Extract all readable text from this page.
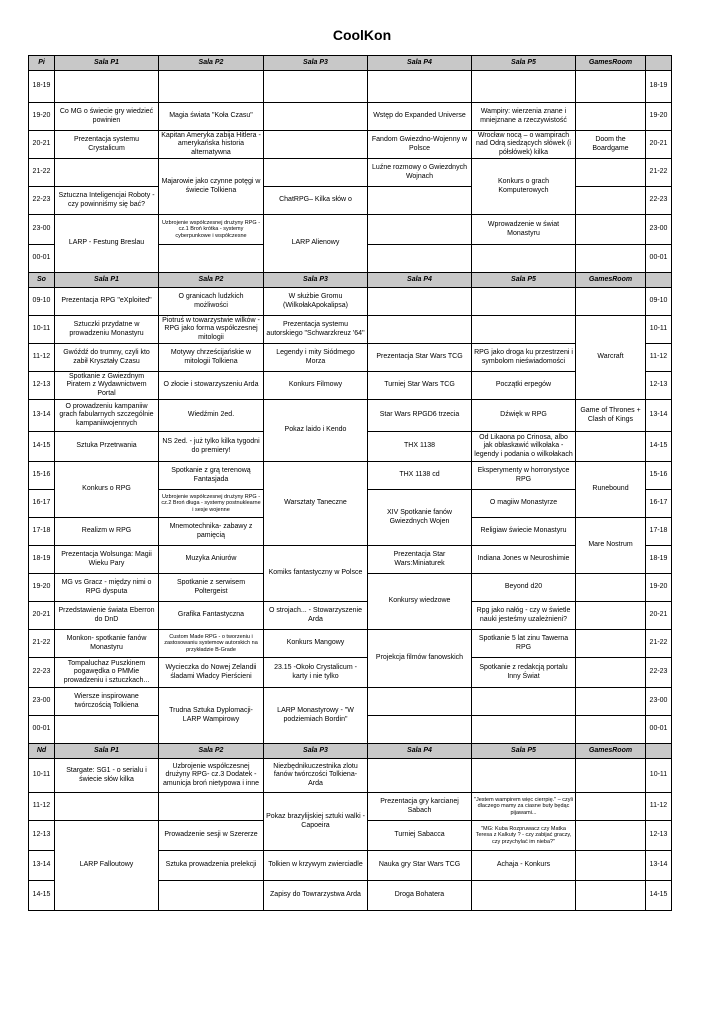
CoolKon
Pi	Sala P1	Sala P2	Sala P3	Sala P4	Sala P5	GamesRoom	
18-19							18-19
19-20	Co MG o świecie gry wiedzieć powinien	Magia świata "Koła Czasu"		Wstęp do Expanded Universe	Wampiry: wierzenia znane i mniejznane a rzeczywistość		19-20
20-21	Prezentacja systemu Crystalicum	Kapitan Ameryka zabija Hitlera - amerykańska historia alternatywna		Fandom Gwiezdno-Wojenny w Polsce	Wrocław nocą – o wampirach nad Odrą siedzących słówek (i półsłówek) kilka	Doom the Boardgame	20-21
21-22		Majarowie jako czynne potęgi w świecie Tolkiena		Luźne rozmowy o Gwiezdnych Wojnach	Konkurs o grach Komputerowych		21-22
22-23	Sztuczna Inteligencjai Roboty - czy powinniśmy się bać?		ChatRPG– Kilka słów o				22-23
23-00	LARP - Festung Breslau	Uzbrojenie współczesnej drużyny RPG - cz.1 Broń krótka - systemy cyberpunkowe i współczesne	LARP Alienowy		Wprowadzenie w świat Monastyru		23-00
00-01							00-01
So	Sala P1	Sala P2	Sala P3	Sala P4	Sala P5	GamesRoom	
09-10	Prezentacja RPG "eXploited"	O granicach ludzkich możliwości	W służbie Gromu (WilkołakApokalipsa)				09-10
10-11	Sztuczki przydatne w prowadzeniu Monastyru	Piotruś w towarzystwie wilków - RPG jako forma współczesnej mitologii	Prezentacja systemu autorskiego "Schwarzkreuz '64"			Warcraft	10-11
11-12	Gwóźdź do trumny, czyli kto zabił Kryształy Czasu	Motywy chrześcijańskie w mitologii Tolkiena	Legendy i mity Siódmego Morza	Prezentacja Star Wars TCG	RPG jako droga ku przestrzeni i symbolom nieświadomości		11-12
12-13	Spotkanie z Gwiezdnym Piratem z Wydawnictwem Portal	O złocie i stowarzyszeniu Arda	Konkurs Filmowy	Turniej Star Wars TCG	Początki erpegów		12-13
13-14	O prowadzeniu kampaniiw grach fabularnych szczególnie kampaniiwojennych	Wiedźmin 2ed.	Pokaz laido i Kendo	Star Wars RPGD6 trzecia	Dźwięk w RPG	Game of Thrones + Clash of Kings	13-14
14-15	Sztuka Przetrwania	NS 2ed. - już tylko kilka tygodni do premiery!		THX 1138	Od Likaona po Crinosa, albo jak obłaskawić wilkołaka - legendy i podania o wilkołakach		14-15
15-16	Konkurs o RPG	Spotkanie z grą terenową Fantasjada	Warsztaty Taneczne	THX 1138 cd	Eksperymenty w horrorystyce RPG	Runebound	15-16
16-17		Uzbrojenie współczesnej drużyny RPG - cz.2 Broń długa - systemy postnuklearne i sesje wojenne		XIV Spotkanie fanów Gwiezdnych Wojen	O magiiw Monastyrze		16-17
17-18	Realizm w RPG	Mnemotechnika- zabawy z pamięcią			Religiaw świecie Monastyru	Mare Nostrum	17-18
18-19	Prezentacja Wolsunga: Magii Wieku Pary	Muzyka Aniurów	Komiks fantastyczny w Polsce	Prezentacja Star Wars:Miniaturek	Indiana Jones w Neuroshimie		18-19
19-20	MG vs Gracz - między nimi o RPG dysputa	Spotkanie z serwisem Poltergeist		Konkursy wiedzowe	Beyond d20		19-20
20-21	Przedstawienie świata Eberron do DnD	Grafika Fantastyczna	O strojach... - Stowarzyszenie Arda		Rpg jako nałóg - czy w świetle nauki jesteśmy uzależnieni?		20-21
21-22	Monkon- spotkanie fanów Monastyru	Custom Made RPG - o tworzeniu i zastosowaniu systemow autorskich na przykładzie B-Grade	Konkurs Mangowy	Projekcja filmów fanowskich	Spotkanie 5 lat zinu Tawerna RPG		21-22
22-23	Tompaluchaz Puszkinem pogawędka o PMMie prowadzeniu i sztuczkach...	Wycieczka do Nowej Zelandii śladami Władcy Pierścieni	23.15 -Około Crystalicum - karty i nie tylko		Spotkanie z redakcją portalu Inny Świat		22-23
23-00	Wiersze inspirowane twórczością Tolkiena	Trudna Sztuka Dyplomacji- LARP Wampirowy	LARP Monastyrowy - "W podziemiach Bordin"				23-00
00-01							00-01
Nd	Sala P1	Sala P2	Sala P3	Sala P4	Sala P5	GamesRoom	
10-11	Stargate: SG1 - o serialu i świecie słów kilka	Uzbrojenie współczesnej drużyny RPG- cz.3 Dodatek - amunicja broń nietypowa i inne	Niezbędnikuczestnika zlotu fanów twórczości Tolkiena- Arda				10-11
11-12			Pokaz brazylijskiej sztuki walki - Capoeira	Prezentacja gry karcianej Sabach	"Jestem wampirem więc cierrpię." – czyli dlaczego mamy za ciasne buty będąc pijawami...		11-12
12-13	LARP Falloutowy	Prowadzenie sesji w Szererze		Turniej Sabacca	"MG: Kuba Rozpruwacz czy Matka Teresa z Kalkuty ? - czy zabijać graczy, czy przychylać im nieba?"		12-13
13-14		Sztuka prowadzenia prelekcji	Tolkien w krzywym zwierciadle	Nauka gry Star Wars TCG	Achaja - Konkurs		13-14
14-15			Zapisy do Towrarzystwa Arda	Droga Bohatera			14-15
